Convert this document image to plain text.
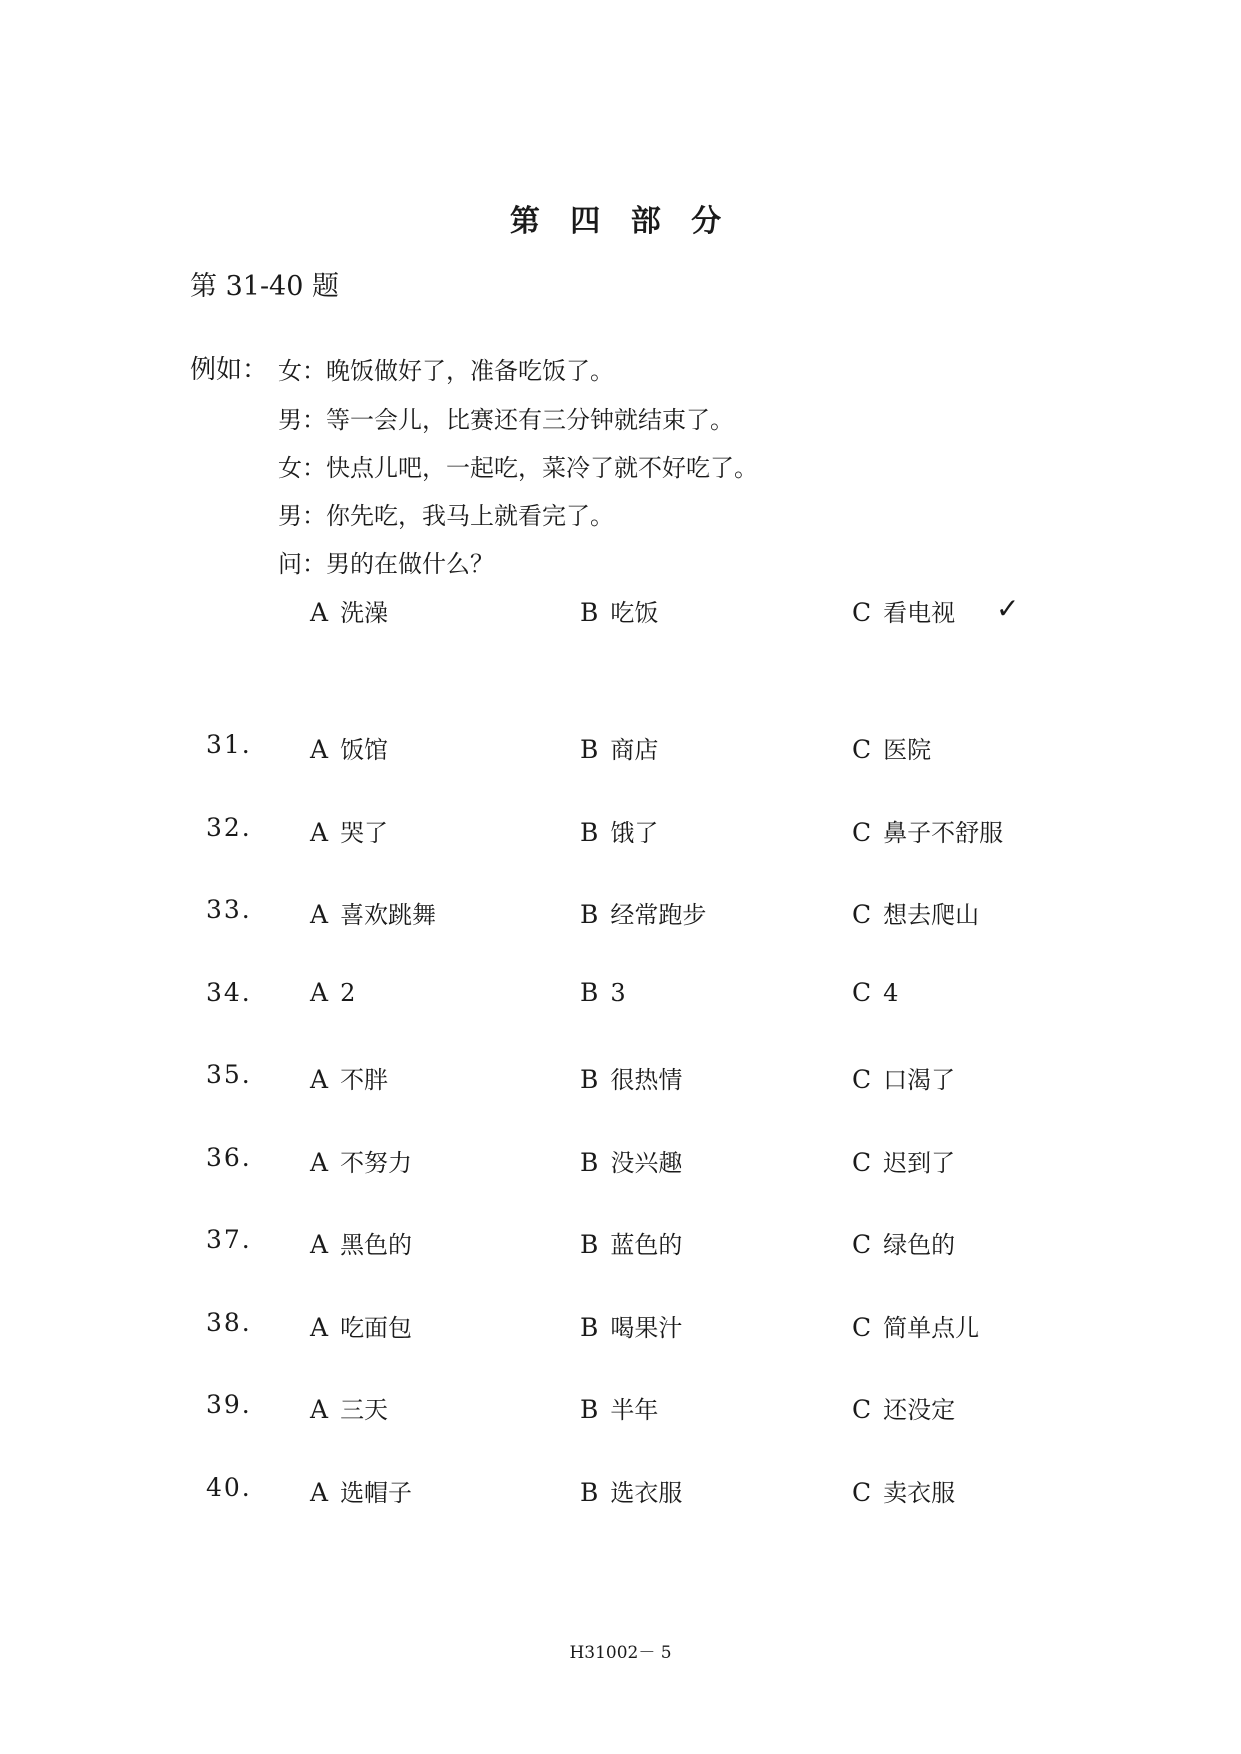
第 四 部 分
第 31-40 题
例如： 女：晚饭做好了，准备吃饭了。
男：等一会儿，比赛还有三分钟就结束了。
女：快点儿吧，一起吃，菜冷了就不好吃了。
男：你先吃，我马上就看完了。
问：男的在做什么？
A 洗澡	B 吃饭	C 看电视 ✓
31. A 饭馆	B 商店	C 医院
32. A 哭了	B 饿了	C 鼻子不舒服
33. A 喜欢跳舞	B 经常跑步	C 想去爬山
34. A 2	B 3	C 4
35. A 不胖	B 很热情	C 口渴了
36. A 不努力	B 没兴趣	C 迟到了
37. A 黑色的	B 蓝色的	C 绿色的
38. A 吃面包	B 喝果汁	C 简单点儿
39. A 三天	B 半年	C 还没定
40. A 选帽子	B 选衣服	C 卖衣服
H31002－ 5
